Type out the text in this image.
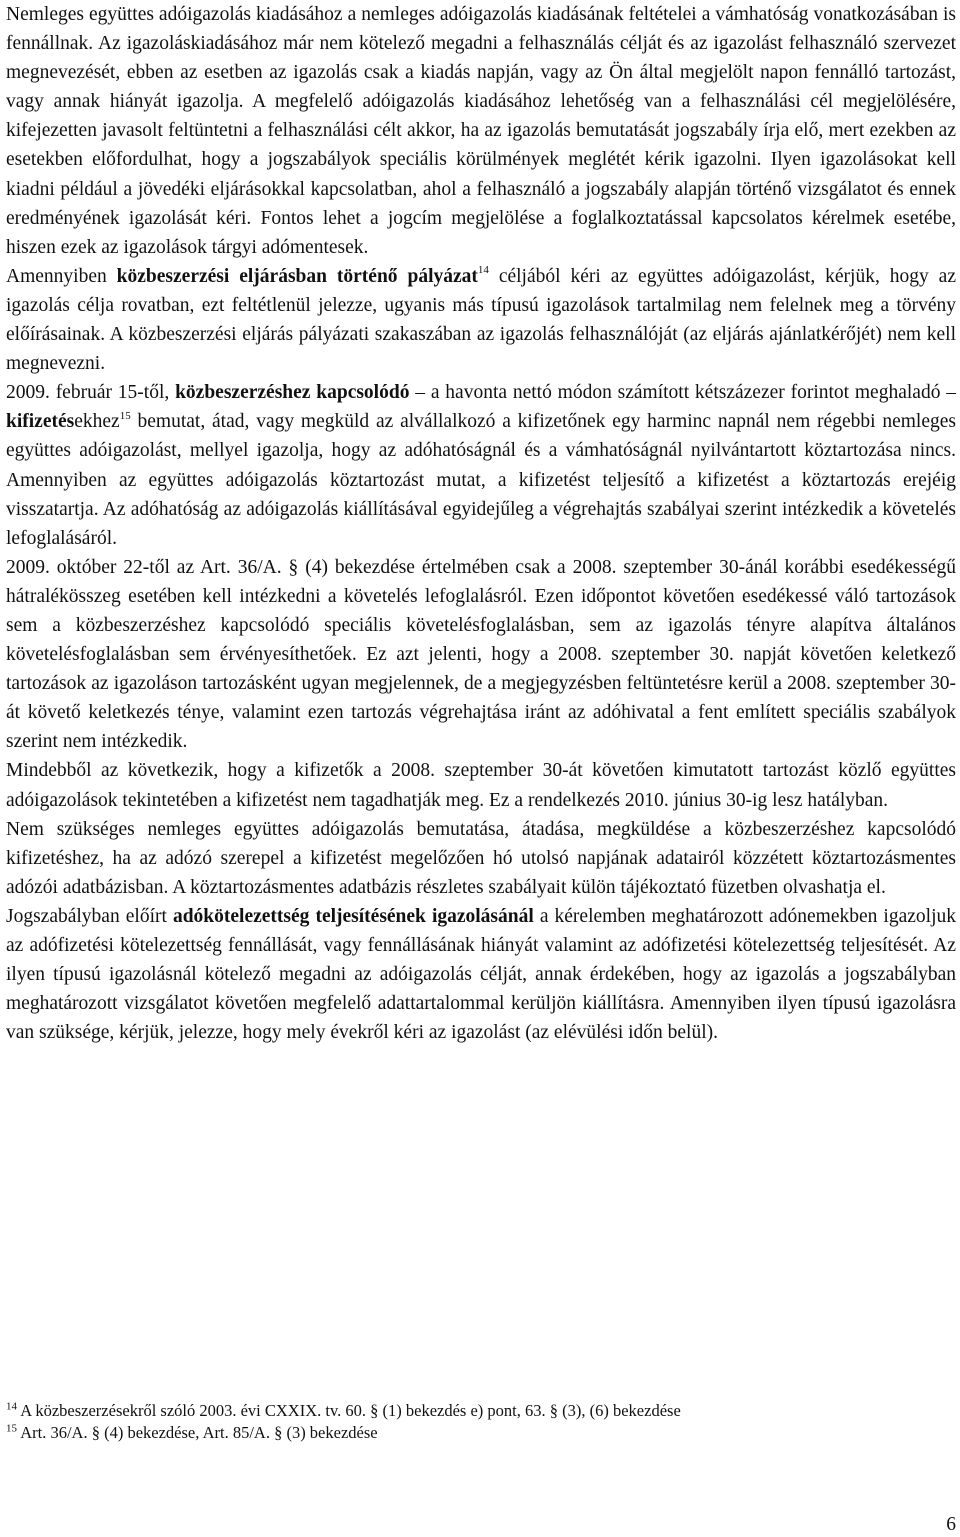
Nemleges együttes adóigazolás kiadásához a nemleges adóigazolás kiadásának feltételei a vámhatóság vonatkozásában is fennállnak. Az igazoláskiadásához már nem kötelező megadni a felhasználás célját és az igazolást felhasználó szervezet megnevezését, ebben az esetben az igazolás csak a kiadás napján, vagy az Ön által megjelölt napon fennálló tartozást, vagy annak hiányát igazolja. A megfelelő adóigazolás kiadásához lehetőség van a felhasználási cél megjelölésére, kifejezetten javasolt feltüntetni a felhasználási célt akkor, ha az igazolás bemutatását jogszabály írja elő, mert ezekben az esetekben előfordulhat, hogy a jogszabályok speciális körülmények meglétét kérik igazolni. Ilyen igazolásokat kell kiadni például a jövedéki eljárásokkal kapcsolatban, ahol a felhasználó a jogszabály alapján történő vizsgálatot és ennek eredményének igazolását kéri. Fontos lehet a jogcím megjelölése a foglalkoztatással kapcsolatos kérelmek esetébe, hiszen ezek az igazolások tárgyi adómentesek.

Amennyiben közbeszerzési eljárásban történő pályázat$^{14}$ céljából kéri az együttes adóigazolást, kérjük, hogy az igazolás célja rovatban, ezt feltétlenül jelezze, ugyanis más típusú igazolások tartalmilag nem felelnek meg a törvény előírásainak. A közbeszerzési eljárás pályázati szakaszában az igazolás felhasználóját (az eljárás ajánlatkérőjét) nem kell megnevezni.

2009. február 15-től, közbeszerzéshez kapcsolódó – a havonta nettó módon számított kétszázezer forintot meghaladó – kifizetésekhez$^{15}$ bemutat, átad, vagy megküld az alvállalkozó a kifizetőnek egy harminc napnál nem régebbi nemleges együttes adóigazolást, mellyel igazolja, hogy az adóhatóságnál és a vámhatóságnál nyilvántartott köztartozása nincs. Amennyiben az együttes adóigazolás köztartozást mutat, a kifizetést teljesítő a kifizetést a köztartozás erejéig visszatartja. Az adóhatóság az adóigazolás kiállításával egyidejűleg a végrehajtás szabályai szerint intézkedik a követelés lefoglalásáról.

2009. október 22-től az Art. 36/A. § (4) bekezdése értelmében csak a 2008. szeptember 30-ánál korábbi esedékességű hátralékösszeg esetében kell intézkedni a követelés lefoglalásról. Ezen időpontot követően esedékessé váló tartozások sem a közbeszerzéshez kapcsolódó speciális követelésfoglalásban, sem az igazolás tényre alapítva általános követelésfoglalásban sem érvényesíthetőek. Ez azt jelenti, hogy a 2008. szeptember 30. napját követően keletkező tartozások az igazoláson tartozásként ugyan megjelennek, de a megjegyzésben feltüntetésre kerül a 2008. szeptember 30-át követő keletkezés ténye, valamint ezen tartozás végrehajtása iránt az adóhivatal a fent említett speciális szabályok szerint nem intézkedik.

Mindebből az következik, hogy a kifizetők a 2008. szeptember 30-át követően kimutatott tartozást közlő együttes adóigazolások tekintetében a kifizetést nem tagadhatják meg. Ez a rendelkezés 2010. június 30-ig lesz hatályban.

Nem szükséges nemleges együttes adóigazolás bemutatása, átadása, megküldése a közbeszerzéshez kapcsolódó kifizetéshez, ha az adózó szerepel a kifizetést megelőzően hó utolsó napjának adatairól közzétett köztartozásmentes adózói adatbázisban. A köztartozásmentes adatbázis részletes szabályait külön tájékoztató füzetben olvashatja el.

Jogszabályban előírt adókötelezettség teljesítésének igazolásánál a kérelemben meghatározott adónemekben igazoljuk az adófizetési kötelezettség fennállását, vagy fennállásának hiányát valamint az adófizetési kötelezettség teljesítését. Az ilyen típusú igazolásnál kötelező megadni az adóigazolás célját, annak érdekében, hogy az igazolás a jogszabályban meghatározott vizsgálatot követően megfelelő adattartalommal kerüljön kiállításra. Amennyiben ilyen típusú igazolásra van szüksége, kérjük, jelezze, hogy mely évekről kéri az igazolást (az elévülési időn belül).

$^{14}$ A közbeszerzésekről szóló 2003. évi CXXIX. tv. 60. § (1) bekezdés e) pont, 63. § (3), (6) bekezdése

$^{15}$ Art. 36/A. § (4) bekezdése, Art. 85/A. § (3) bekezdése

6
